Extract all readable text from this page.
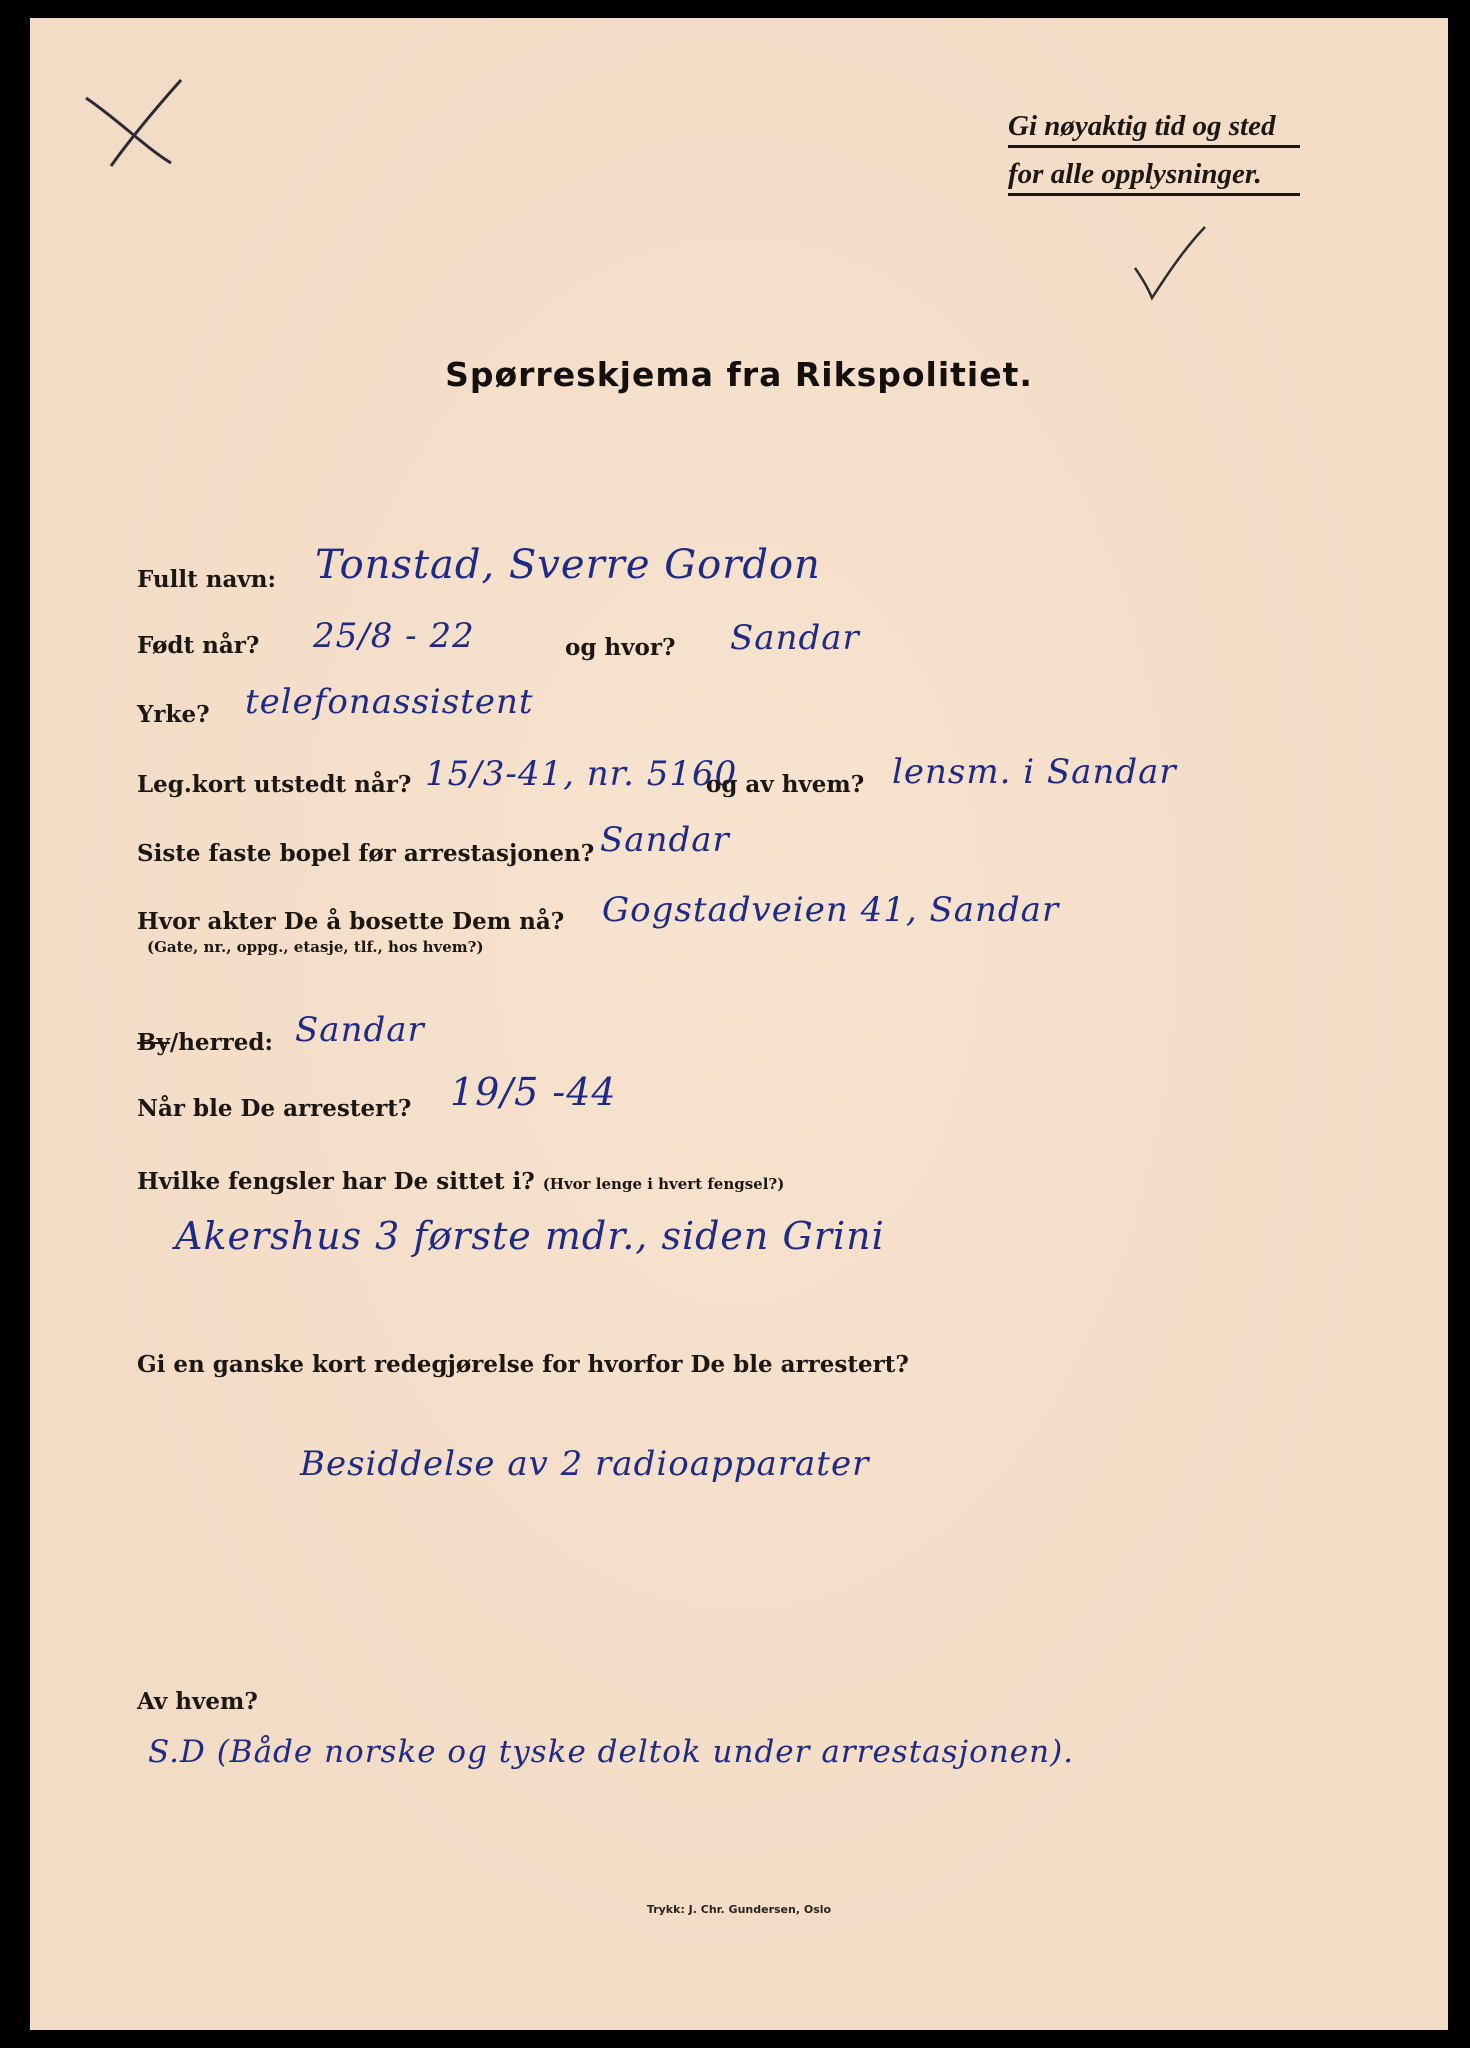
Gi nøyaktig tid og sted
for alle opplysninger.
Spørreskjema fra Rikspolitiet.
Fullt navn: Tonstad, Sverre Gordon
Født når? 25/8 - 22	og hvor? Sandar
Yrke? telefonassistent
Leg.kort utstedt når? 15/3-41, nr. 5160
og av hvem? lensm. i Sandar
Siste faste bopel før arrestasjonen? Sandar
Hvor akter De å bosette Dem nå?
(Gate, nr., oppg., etasje, tlf., hos hvem?)
Gogstadveien 41, Sandar
By/herred: Sandar
Når ble De arrestert? 19/5 -44
Hvilke fengsler har De sittet i? (Hvor lenge i hvert fengsel?)
Akershus 3 første mdr., siden Grini
Gi en ganske kort redegjørelse for hvorfor De ble arrestert?
Besiddelse av 2 radioapparater
Av hvem?
S.D (Både norske og tyske deltok under arrestasjonen).
Trykk: J. Chr. Gundersen, Oslo
